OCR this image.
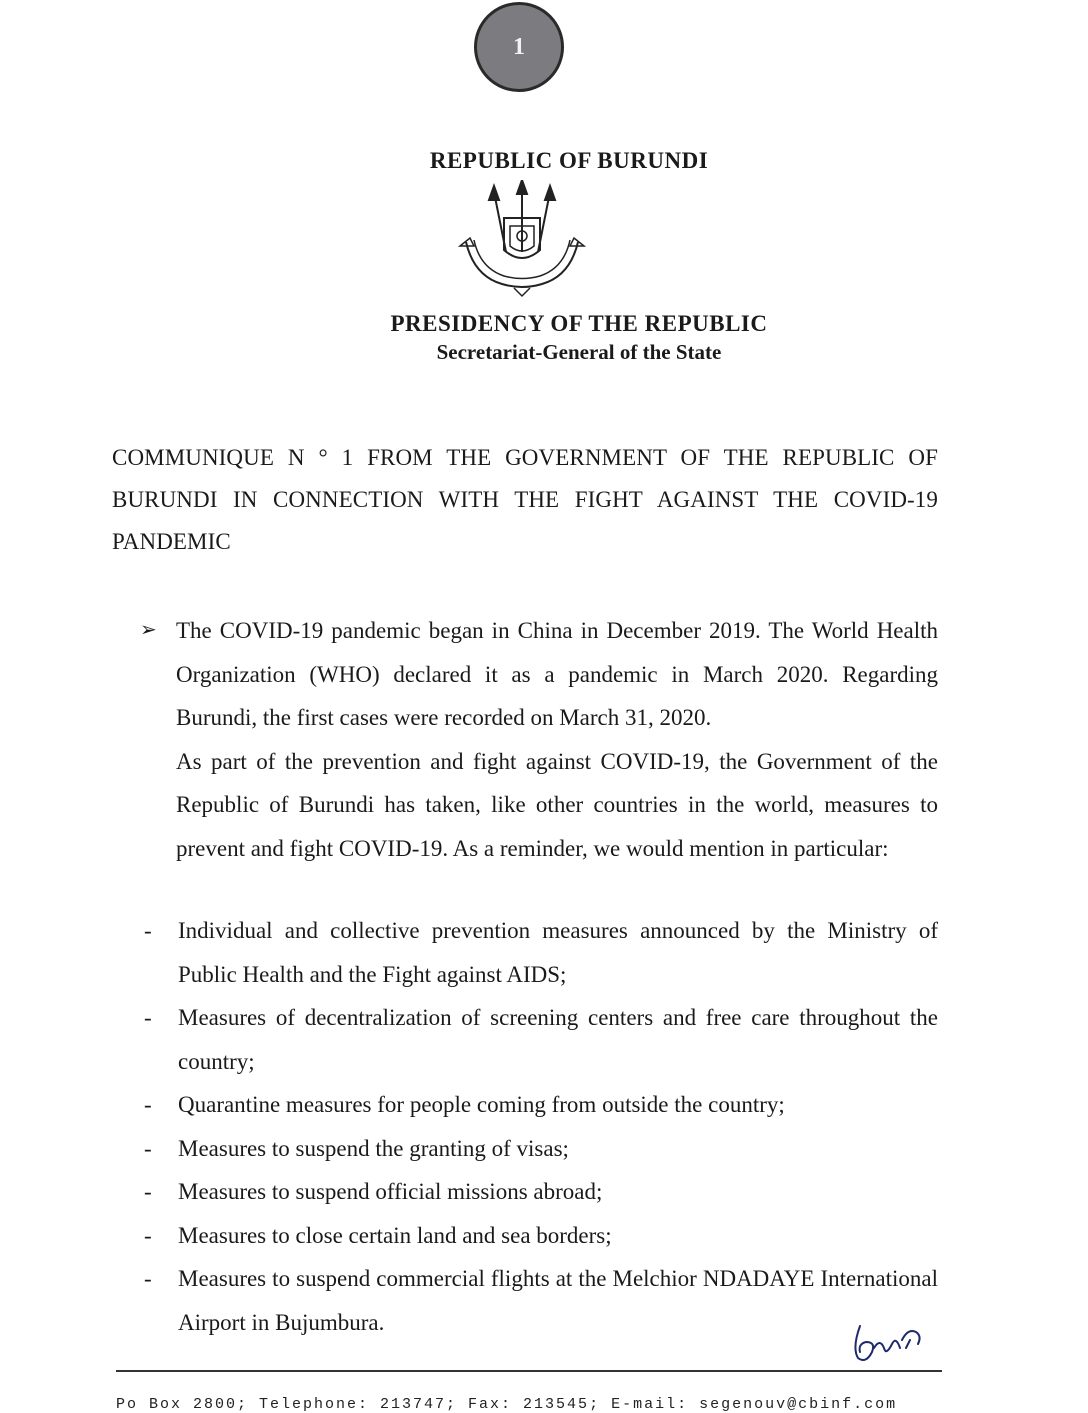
1
REPUBLIC OF BURUNDI
PRESIDENCY OF THE REPUBLIC
Secretariat-General of the State
COMMUNIQUE N ° 1 FROM THE GOVERNMENT OF THE REPUBLIC OF BURUNDI IN CONNECTION WITH THE FIGHT AGAINST THE COVID-19 PANDEMIC
➢ The COVID-19 pandemic began in China in December 2019. The World Health Organization (WHO) declared it as a pandemic in March 2020. Regarding Burundi, the first cases were recorded on March 31, 2020.

As part of the prevention and fight against COVID-19, the Government of the Republic of Burundi has taken, like other countries in the world, measures to prevent and fight COVID-19. As a reminder, we would mention in particular:

- Individual and collective prevention measures announced by the Ministry of Public Health and the Fight against AIDS;
- Measures of decentralization of screening centers and free care throughout the country;
- Quarantine measures for people coming from outside the country;
- Measures to suspend the granting of visas;
- Measures to suspend official missions abroad;
- Measures to close certain land and sea borders;
- Measures to suspend commercial flights at the Melchior NDADAYE International Airport in Bujumbura.
Po Box 2800; Telephone: 213747; Fax: 213545; E-mail: segenouv@cbinf.com
